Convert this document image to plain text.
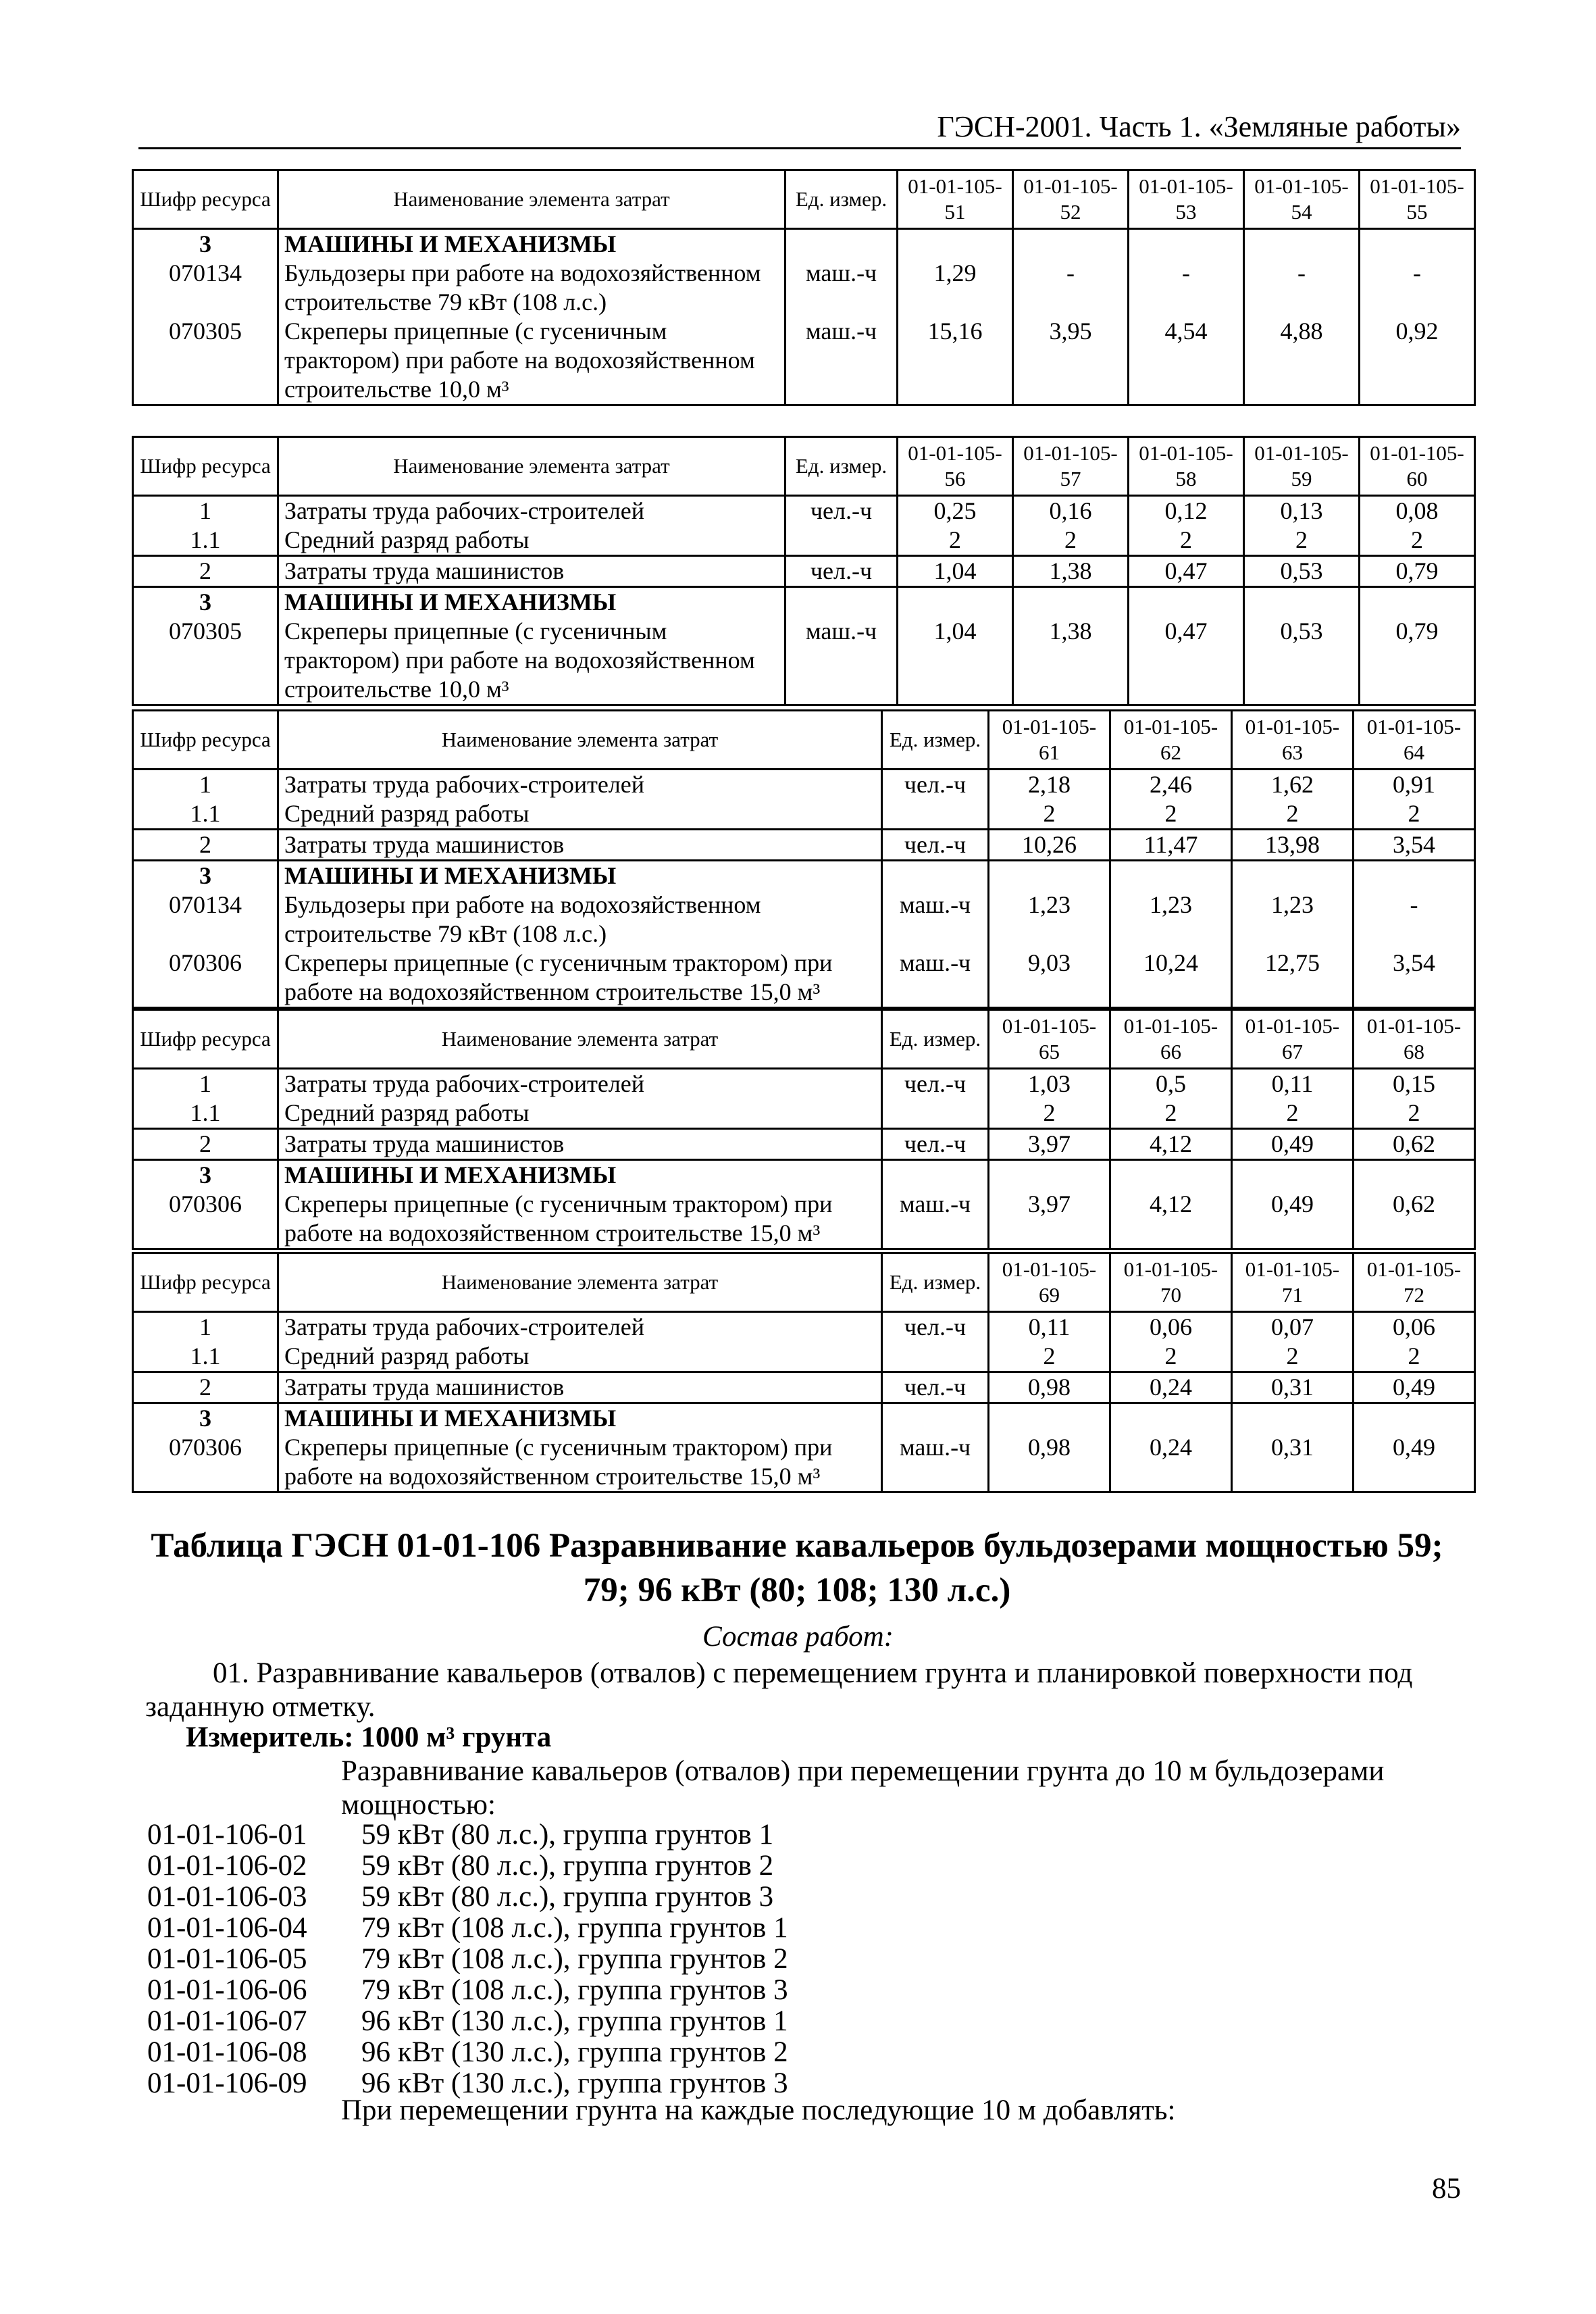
ГЭСН-2001. Часть 1. «Земляные работы»
Шифр ресурса	Наименование элемента затрат	Ед. измер.	01-01-105-51	01-01-105-52	01-01-105-53	01-01-105-54	01-01-105-55
3	МАШИНЫ И МЕХАНИЗМЫ						
070134	Бульдозеры при работе на водохозяйственном строительстве 79 кВт (108 л.с.)	маш.-ч	1,29	-	-	-	-
070305	Скреперы прицепные (с гусеничным трактором) при работе на водохозяйственном строительстве 10,0 м³	маш.-ч	15,16	3,95	4,54	4,88	0,92
Шифр ресурса	Наименование элемента затрат	Ед. измер.	01-01-105-56	01-01-105-57	01-01-105-58	01-01-105-59	01-01-105-60
1	Затраты труда рабочих-строителей	чел.-ч	0,25	0,16	0,12	0,13	0,08
1.1	Средний разряд работы		2	2	2	2	2
2	Затраты труда машинистов	чел.-ч	1,04	1,38	0,47	0,53	0,79
3	МАШИНЫ И МЕХАНИЗМЫ						
070305	Скреперы прицепные (с гусеничным трактором) при работе на водохозяйственном строительстве 10,0 м³	маш.-ч	1,04	1,38	0,47	0,53	0,79
Шифр ресурса	Наименование элемента затрат	Ед. измер.	01-01-105-61	01-01-105-62	01-01-105-63	01-01-105-64
1	Затраты труда рабочих-строителей	чел.-ч	2,18	2,46	1,62	0,91
1.1	Средний разряд работы		2	2	2	2
2	Затраты труда машинистов	чел.-ч	10,26	11,47	13,98	3,54
3	МАШИНЫ И МЕХАНИЗМЫ					
070134	Бульдозеры при работе на водохозяйственном строительстве 79 кВт (108 л.с.)	маш.-ч	1,23	1,23	1,23	-
070306	Скреперы прицепные (с гусеничным трактором) при работе на водохозяйственном строительстве 15,0 м³	маш.-ч	9,03	10,24	12,75	3,54
Шифр ресурса	Наименование элемента затрат	Ед. измер.	01-01-105-65	01-01-105-66	01-01-105-67	01-01-105-68
1	Затраты труда рабочих-строителей	чел.-ч	1,03	0,5	0,11	0,15
1.1	Средний разряд работы		2	2	2	2
2	Затраты труда машинистов	чел.-ч	3,97	4,12	0,49	0,62
3	МАШИНЫ И МЕХАНИЗМЫ					
070306	Скреперы прицепные (с гусеничным трактором) при работе на водохозяйственном строительстве 15,0 м³	маш.-ч	3,97	4,12	0,49	0,62
Шифр ресурса	Наименование элемента затрат	Ед. измер.	01-01-105-69	01-01-105-70	01-01-105-71	01-01-105-72
1	Затраты труда рабочих-строителей	чел.-ч	0,11	0,06	0,07	0,06
1.1	Средний разряд работы		2	2	2	2
2	Затраты труда машинистов	чел.-ч	0,98	0,24	0,31	0,49
3	МАШИНЫ И МЕХАНИЗМЫ					
070306	Скреперы прицепные (с гусеничным трактором) при работе на водохозяйственном строительстве 15,0 м³	маш.-ч	0,98	0,24	0,31	0,49
Таблица ГЭСН 01-01-106 Разравнивание кавальеров бульдозерами мощностью 59; 79; 96 кВт (80; 108; 130 л.с.)
Состав работ:
01. Разравнивание кавальеров (отвалов) с перемещением грунта и планировкой поверхности под заданную отметку.
Измеритель: 1000 м³ грунта
Разравнивание кавальеров (отвалов) при перемещении грунта до 10 м бульдозерами мощностью:
01-01-106-01 59 кВт (80 л.с.), группа грунтов 1
01-01-106-02 59 кВт (80 л.с.), группа грунтов 2
01-01-106-03 59 кВт (80 л.с.), группа грунтов 3
01-01-106-04 79 кВт (108 л.с.), группа грунтов 1
01-01-106-05 79 кВт (108 л.с.), группа грунтов 2
01-01-106-06 79 кВт (108 л.с.), группа грунтов 3
01-01-106-07 96 кВт (130 л.с.), группа грунтов 1
01-01-106-08 96 кВт (130 л.с.), группа грунтов 2
01-01-106-09 96 кВт (130 л.с.), группа грунтов 3
При перемещении грунта на каждые последующие 10 м добавлять:
85
